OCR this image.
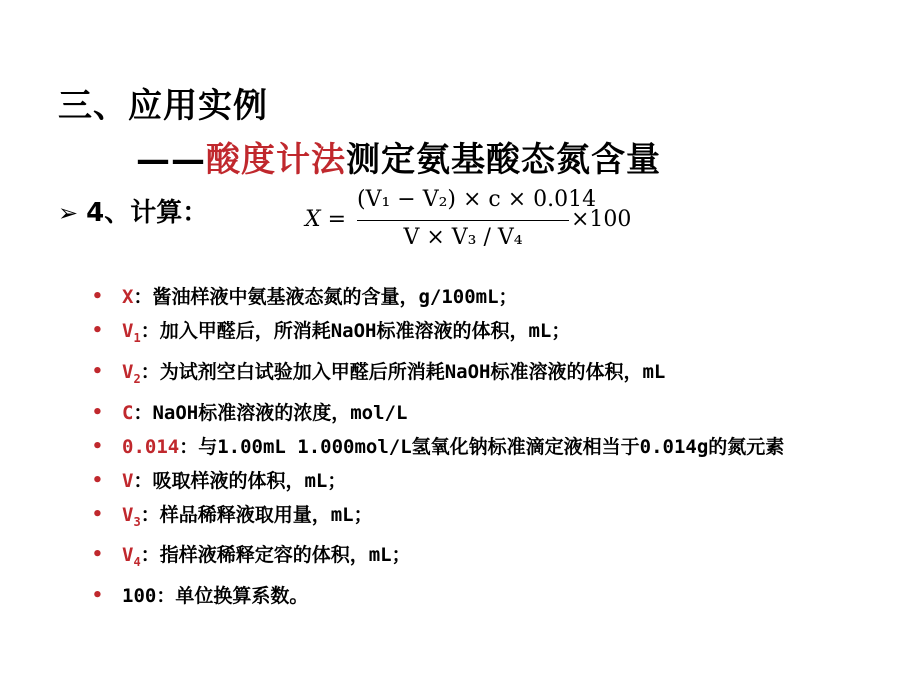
三、应用实例
——酸度计法测定氨基酸态氮含量
➢ 4、计算：	X =
(V₁ − V₂) × c × 0.014
V × V₃ / V₄
×100
• X：酱油样液中氨基液态氮的含量，g/100mL；
• $V_1$：加入甲醛后，所消耗NaOH标准溶液的体积，mL；
• $V_2$：为试剂空白试验加入甲醛后所消耗NaOH标准溶液的体积，mL
• C：NaOH标准溶液的浓度，mol/L
• 0.014：与1.00mL 1.000mol/L氢氧化钠标准滴定液相当于0.014g的氮元素
• V：吸取样液的体积，mL；
• $V_3$：样品稀释液取用量，mL；
• $V_4$：指样液稀释定容的体积，mL；
• 100：单位换算系数。
